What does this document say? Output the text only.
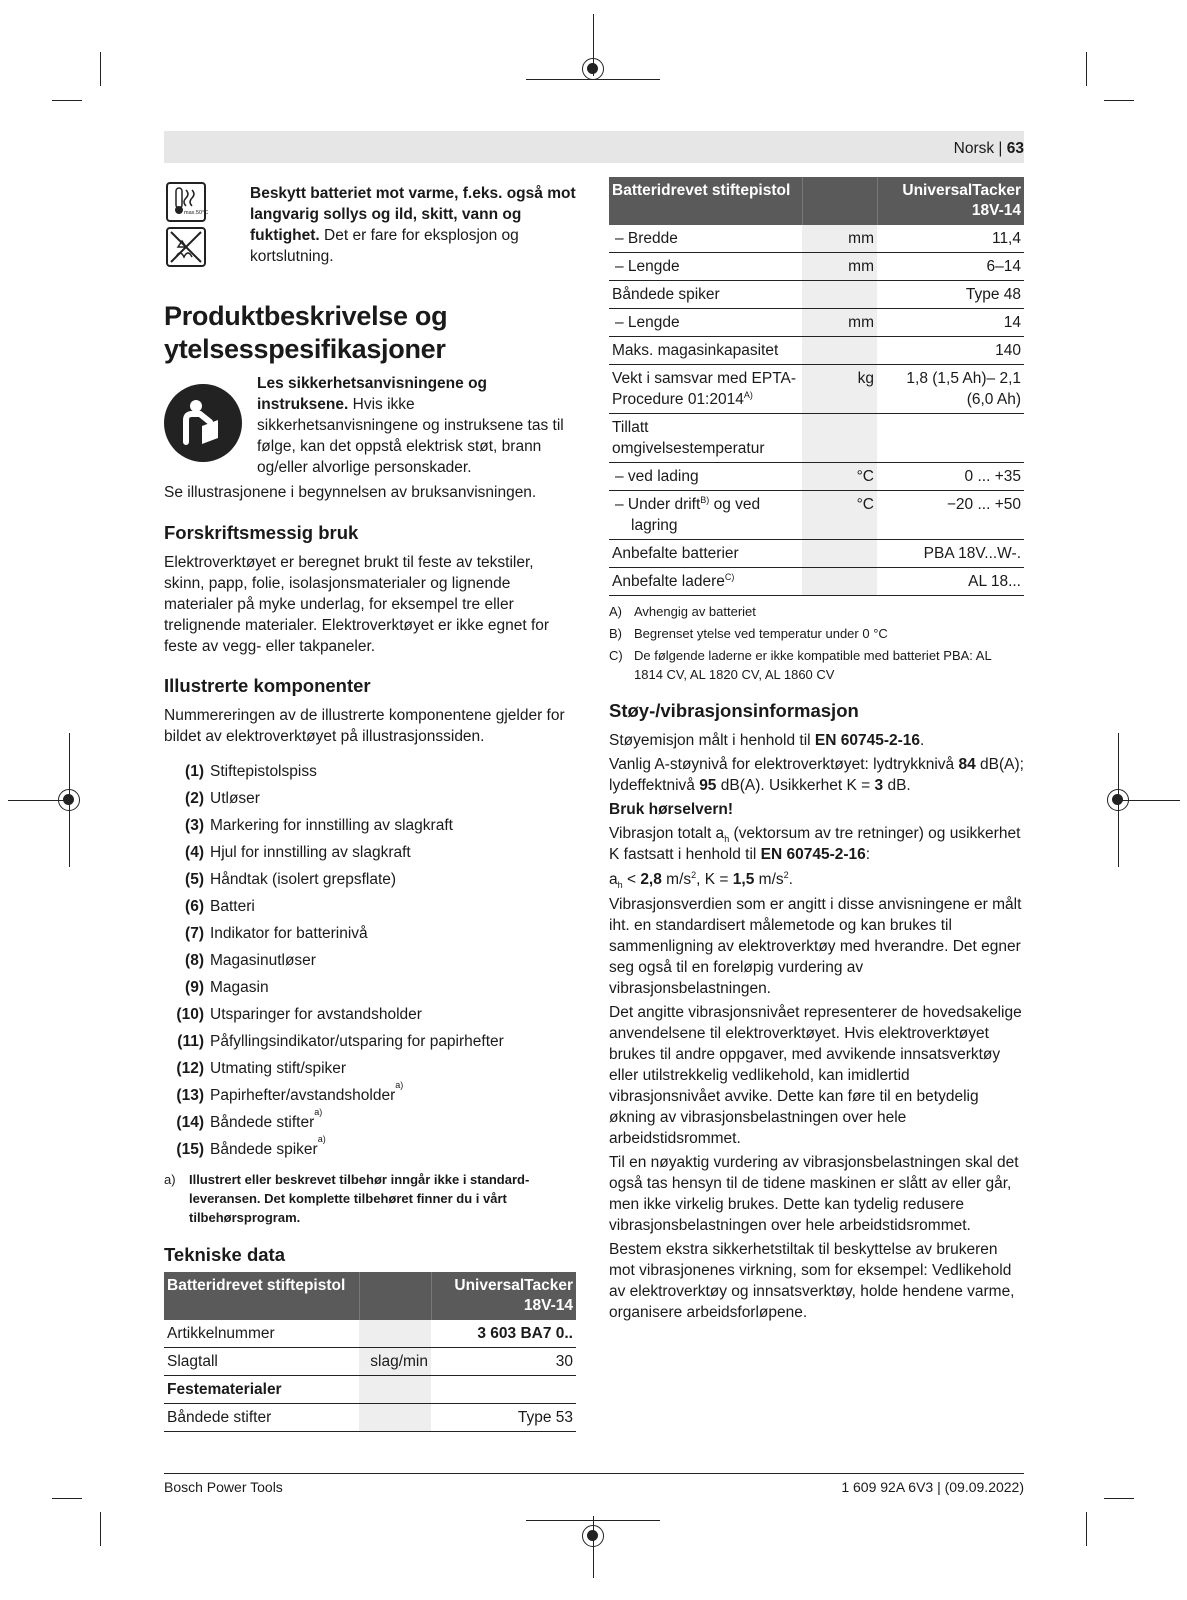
Norsk | 63
max.50°C

Beskytt batteriet mot varme, f.eks. også mot langvarig sollys og ild, skitt, vann og fuktighet. Det er fare for eksplosjon og kortslutning.

Produktbeskrivelse og ytelsesspesifikasjoner

Les sikkerhetsanvisningene og instruksene. Hvis ikke sikkerhetsanvisningene og instruksene tas til følge, kan det oppstå elektrisk støt, brann og/eller alvorlige personskader.

Se illustrasjonene i begynnelsen av bruksanvisningen.

Forskriftsmessig bruk

Elektroverktøyet er beregnet brukt til feste av tekstiler, skinn, papp, folie, isolasjonsmaterialer og lignende materialer på myke underlag, for eksempel tre eller trelignende materialer. Elektroverktøyet er ikke egnet for feste av vegg- eller takpaneler.

Illustrerte komponenter

Nummereringen av de illustrerte komponentene gjelder for bildet av elektroverktøyet på illustrasjonssiden.

(1) Stiftepistolspiss
(2) Utløser
(3) Markering for innstilling av slagkraft
(4) Hjul for innstilling av slagkraft
(5) Håndtak (isolert grepsflate)
(6) Batteri
(7) Indikator for batterinivå
(8) Magasinutløser
(9) Magasin
(10) Utsparinger for avstandsholder
(11) Påfyllingsindikator/utsparing for papirhefter
(12) Utmating stift/spiker
(13) Papirhefter/avstandsholder
a)
(14) Båndede stifter
a)
(15) Båndede spiker
a)
a)	Illustrert eller beskrevet tilbehør inngår ikke i standardleveransen. Det komplette tilbehøret finner du i vårt tilbehørsprogram.
Tekniske data
Batteridrevet stiftepistol		UniversalTacker 18V-14
Artikkelnummer		3 603 BA7 0..
Slagtall	slag/min	30
Festematerialer		
Båndede stifter		Type 53
Batteridrevet stiftepistol		UniversalTacker 18V-14
– Bredde	mm	11,4
– Lengde	mm	6–14
Båndede spiker		Type 48
– Lengde	mm	14
Maks. magasinkapasitet		140
Vekt i samsvar med EPTA-Procedure $01:2014^{A)}$	kg	1,8 (1,5 Ah)– 2,1 (6,0 Ah)
Tillatt omgivelsestemperatur		
– ved lading	°C	0 ... +35
– Under drift$^{B)}$ og ved lagring	°C	−20 ... +50
Anbefalte batterier		PBA 18V...W-.
Anbefalte ladere$^{C)}$		AL 18...
A) Avhengig av batteriet
B) Begrenset ytelse ved temperatur under 0 °C
C) De følgende laderne er ikke kompatible med batteriet PBA: AL 1814 CV, AL 1820 CV, AL 1860 CV
Støy-/vibrasjonsinformasjon

Støyemisjon målt i henhold til EN 60745-2-16.

Vanlig A-støynivå for elektroverktøyet: lydtrykknivå 84 dB(A); lydeffektnivå 95 dB(A). Usikkerhet K = 3 dB.

Bruk hørselvern!

Vibrasjon totalt $a_h$ (vektorsum av tre retninger) og usikkerhet K fastsatt i henhold til EN 60745-2-16:

$a_h < 2,8$ $m/s^2$, K = 1,5 $m/s^2$.

Vibrasjonsverdien som er angitt i disse anvisningene er målt iht. en standardisert målemetode og kan brukes til sammenligning av elektroverktøy med hverandre. Det egner seg også til en foreløpig vurdering av vibrasjonsbelastningen.

Det angitte vibrasjonsnivået representerer de hovedsakelige anvendelsene til elektroverktøyet. Hvis elektroverktøyet brukes til andre oppgaver, med avvikende innsatsverktøy eller utilstrekkelig vedlikehold, kan imidlertid vibrasjonsnivået avvike. Dette kan føre til en betydelig økning av vibrasjonsbelastningen over hele arbeidstidsrommet.

Til en nøyaktig vurdering av vibrasjonsbelastningen skal det også tas hensyn til de tidene maskinen er slått av eller går, men ikke virkelig brukes. Dette kan tydelig redusere vibrasjonsbelastningen over hele arbeidstidsrommet.

Bestem ekstra sikkerhetstiltak til beskyttelse av brukeren mot vibrasjonenes virkning, som for eksempel: Vedlikehold av elektroverktøy og innsatsverktøy, holde hendene varme, organisere arbeidsforløpene.

Bosch Power Tools	1 609 92A 6V3 | (09.09.2022)
